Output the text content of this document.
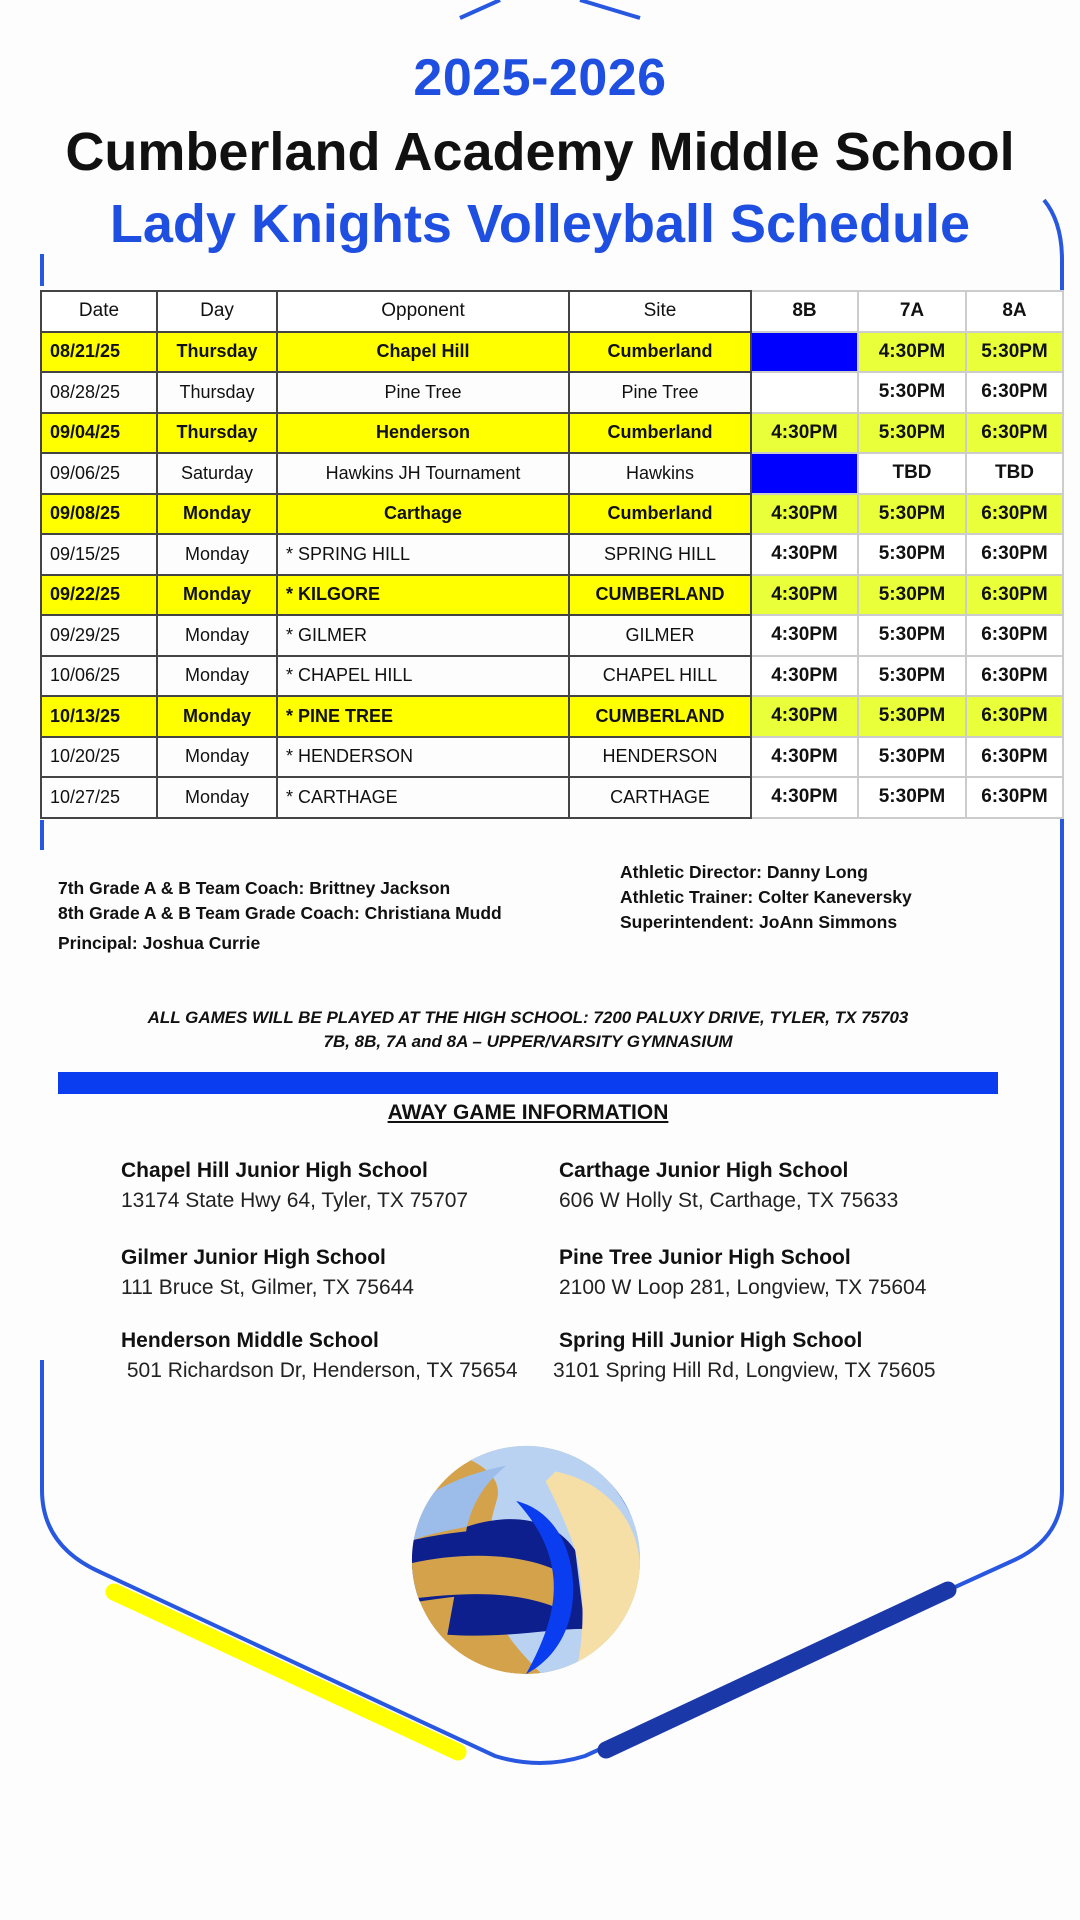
2025-2026
Cumberland Academy Middle School
Lady Knights Volleyball Schedule
Date	Day	Opponent	Site	8B	7A	8A
08/21/25	Thursday	Chapel Hill	Cumberland		4:30PM	5:30PM
08/28/25	Thursday	Pine Tree	Pine Tree		5:30PM	6:30PM
09/04/25	Thursday	Henderson	Cumberland	4:30PM	5:30PM	6:30PM
09/06/25	Saturday	Hawkins JH Tournament	Hawkins		TBD	TBD
09/08/25	Monday	Carthage	Cumberland	4:30PM	5:30PM	6:30PM
09/15/25	Monday	* SPRING HILL	SPRING HILL	4:30PM	5:30PM	6:30PM
09/22/25	Monday	* KILGORE	CUMBERLAND	4:30PM	5:30PM	6:30PM
09/29/25	Monday	* GILMER	GILMER	4:30PM	5:30PM	6:30PM
10/06/25	Monday	* CHAPEL HILL	CHAPEL HILL	4:30PM	5:30PM	6:30PM
10/13/25	Monday	* PINE TREE	CUMBERLAND	4:30PM	5:30PM	6:30PM
10/20/25	Monday	* HENDERSON	HENDERSON	4:30PM	5:30PM	6:30PM
10/27/25	Monday	* CARTHAGE	CARTHAGE	4:30PM	5:30PM	6:30PM
7th Grade A & B Team Coach: Brittney Jackson
8th Grade A & B Team Grade Coach: Christiana Mudd
Principal: Joshua Currie
Athletic Director: Danny Long
Athletic Trainer: Colter Kaneversky
Superintendent: JoAnn Simmons
ALL GAMES WILL BE PLAYED AT THE HIGH SCHOOL: 7200 PALUXY DRIVE, TYLER, TX 75703
7B, 8B, 7A and 8A – UPPER/VARSITY GYMNASIUM
AWAY GAME INFORMATION
Chapel Hill Junior High School
13174 State Hwy 64, Tyler, TX 75707
Carthage Junior High School
606 W Holly St, Carthage, TX 75633
Gilmer Junior High School
111 Bruce St, Gilmer, TX 75644
Pine Tree Junior High School
2100 W Loop 281, Longview, TX 75604
Henderson Middle School
501 Richardson Dr, Henderson, TX 75654
Spring Hill Junior High School
3101 Spring Hill Rd, Longview, TX 75605
